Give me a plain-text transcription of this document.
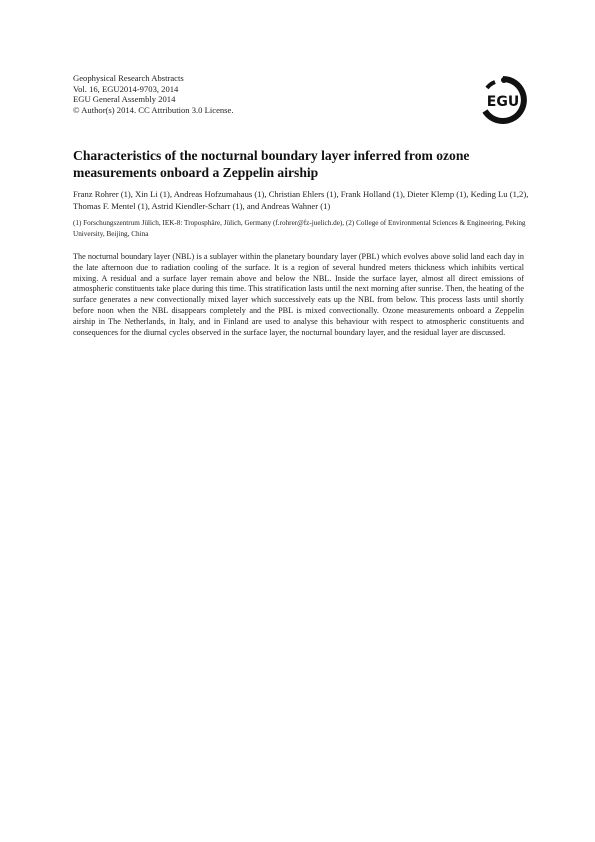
Geophysical Research Abstracts
Vol. 16, EGU2014-9703, 2014
EGU General Assembly 2014
© Author(s) 2014. CC Attribution 3.0 License.	EGU
Characteristics of the nocturnal boundary layer inferred from ozone measurements onboard a Zeppelin airship
Franz Rohrer (1), Xin Li (1), Andreas Hofzumahaus (1), Christian Ehlers (1), Frank Holland (1), Dieter Klemp (1), Keding Lu (1,2), Thomas F. Mentel (1), Astrid Kiendler-Scharr (1), and Andreas Wahner (1)
(1) Forschungszentrum Jülich, IEK-8: Troposphäre, Jülich, Germany (f.rohrer@fz-juelich.de), (2) College of Environmental Sciences & Engineering, Peking University, Beijing, China
The nocturnal boundary layer (NBL) is a sublayer within the planetary boundary layer (PBL) which evolves above solid land each day in the late afternoon due to radiation cooling of the surface. It is a region of several hundred meters thickness which inhibits vertical mixing. A residual and a surface layer remain above and below the NBL. Inside the surface layer, almost all direct emissions of atmospheric constituents take place during this time. This stratification lasts until the next morning after sunrise. Then, the heating of the surface generates a new convectionally mixed layer which successively eats up the NBL from below. This process lasts until shortly before noon when the NBL disappears completely and the PBL is mixed convectionally. Ozone measurements onboard a Zeppelin airship in The Netherlands, in Italy, and in Finland are used to analyse this behaviour with respect to atmospheric constituents and consequences for the diurnal cycles observed in the surface layer, the nocturnal boundary layer, and the residual layer are discussed.
